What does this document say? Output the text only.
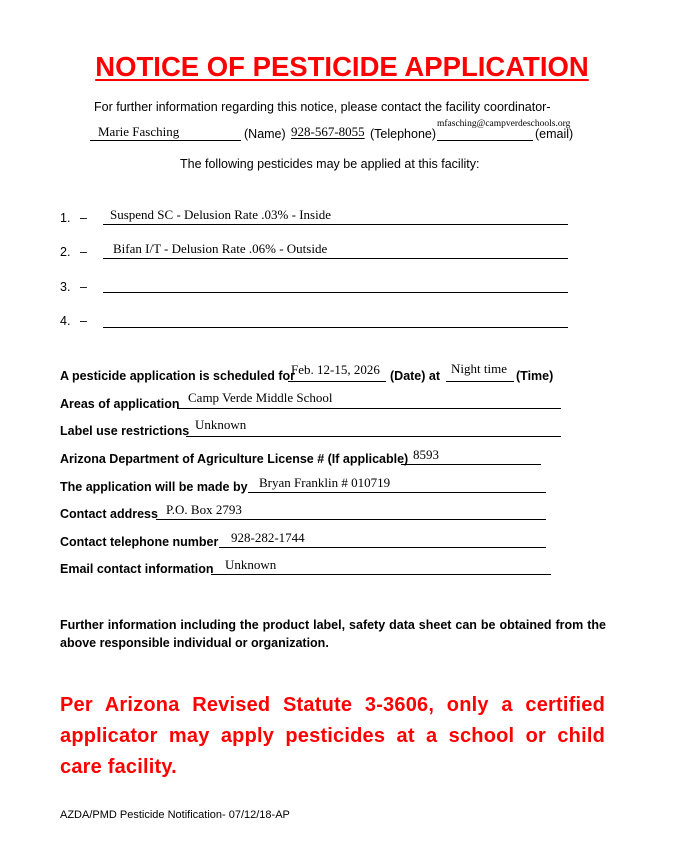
NOTICE OF PESTICIDE APPLICATION
For further information regarding this notice, please contact the facility coordinator-
Marie Fasching	(Name) 928-567-8055 (Telephone)
mfasching@campverdeschools.org
(email)
The following pesticides may be applied at this facility:
1. – Suspend SC - Delusion Rate .03% - Inside
2. – Bifan I/T - Delusion Rate .06% - Outside
3. –
4. –
A pesticide application is scheduled for
Feb. 12-15, 2026 (Date) at Night time (Time)
Areas of application Camp Verde Middle School
Label use restrictions Unknown
Arizona Department of Agriculture License # (If applicable) 8593
The application will be made by Bryan Franklin # 010719
Contact address P.O. Box 2793
Contact telephone number 928-282-1744
Email contact information Unknown
Further information including the product label, safety data sheet can be obtained from the above responsible individual or organization.
Per Arizona Revised Statute 3-3606, only a certified applicator may apply pesticides at a school or child care facility.
AZDA/PMD Pesticide Notification- 07/12/18-AP
